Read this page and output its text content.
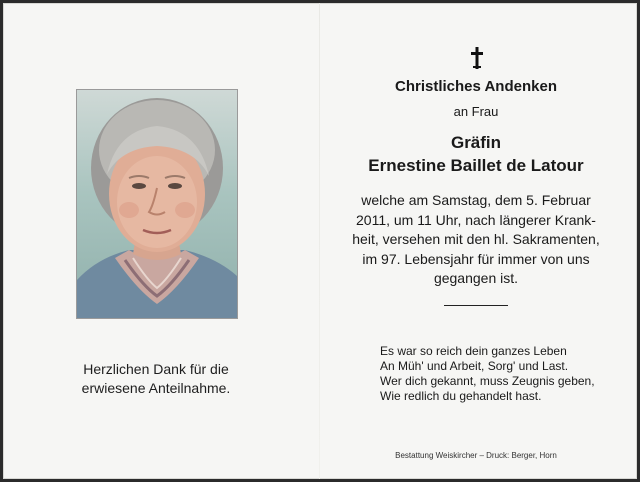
Herzlichen Dank für die
erwiesene Anteilnahme.
Christliches Andenken
an Frau
Gräfin
Ernestine Baillet de Latour
welche am Samstag, dem 5. Februar
2011, um 11 Uhr, nach längerer Krank-
heit, versehen mit den hl. Sakramenten,
im 97. Lebensjahr für immer von uns
gegangen ist.
Es war so reich dein ganzes Leben
An Müh' und Arbeit, Sorg' und Last.
Wer dich gekannt, muss Zeugnis geben,
Wie redlich du gehandelt hast.
Bestattung Weiskircher – Druck: Berger, Horn
